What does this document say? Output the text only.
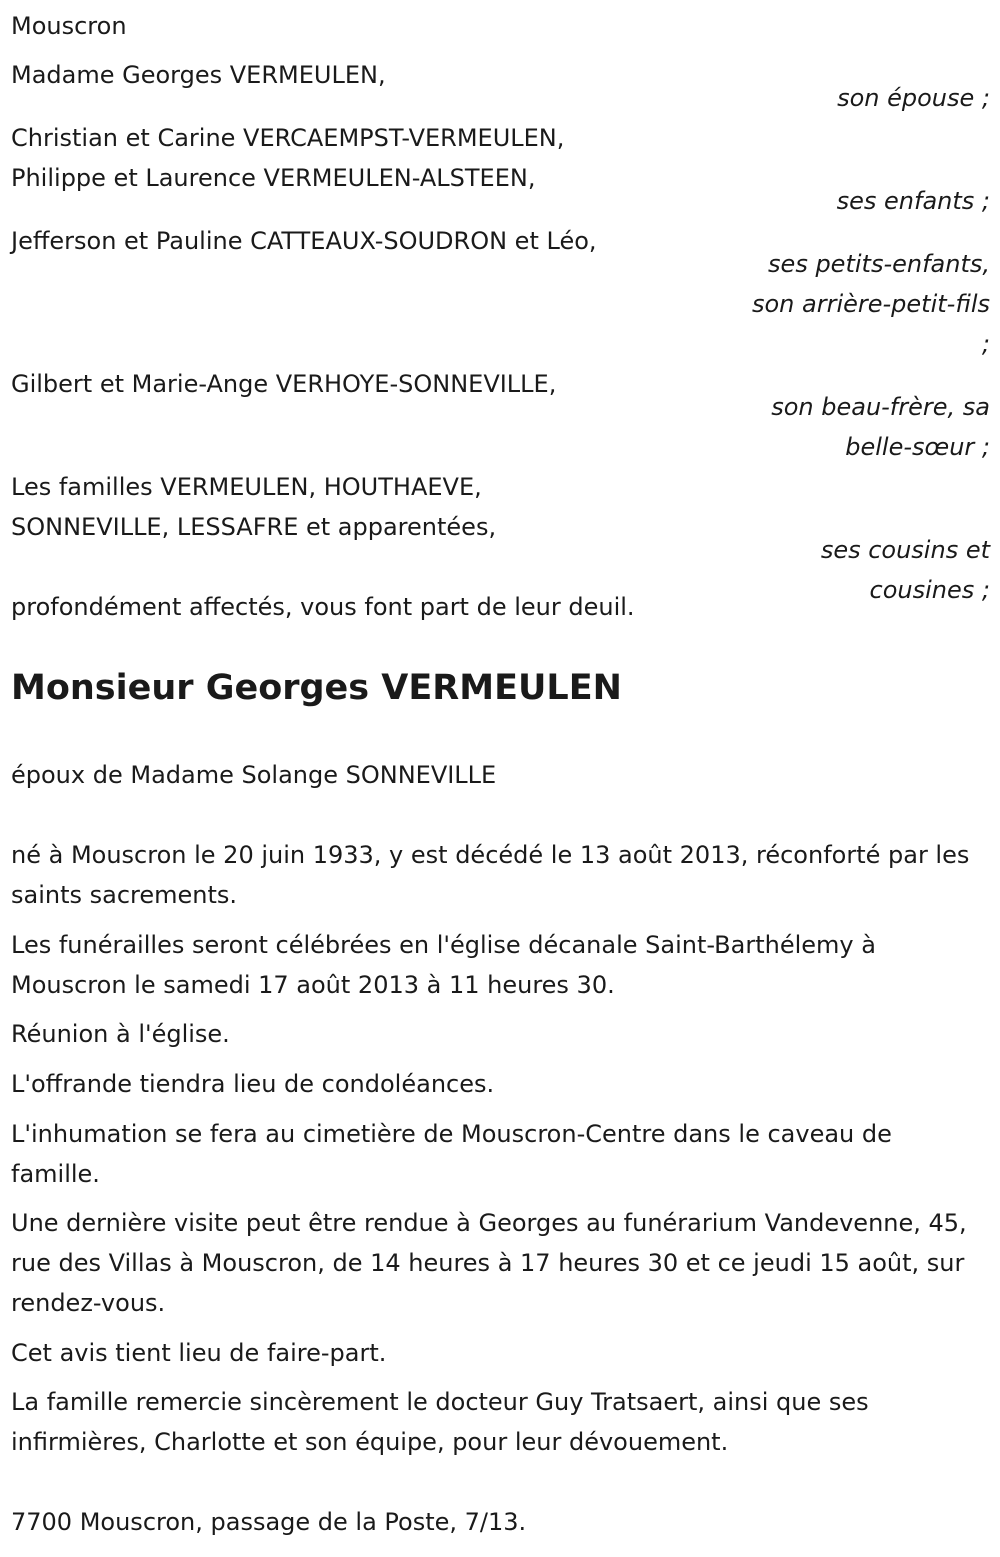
Mouscron
Madame Georges VERMEULEN,
son épouse ;
Christian et Carine VERCAEMPST-VERMEULEN,
Philippe et Laurence VERMEULEN-ALSTEEN,
ses enfants ;
Jefferson et Pauline CATTEAUX-SOUDRON et Léo,
ses petits-enfants,
son arrière-petit-fils
;
Gilbert et Marie-Ange VERHOYE-SONNEVILLE,
son beau-frère, sa
belle-sœur ;
Les familles VERMEULEN, HOUTHAEVE,
SONNEVILLE, LESSAFRE et apparentées,
ses cousins et
cousines ;
profondément affectés, vous font part de leur deuil.
Monsieur Georges VERMEULEN
époux de Madame Solange SONNEVILLE
né à Mouscron le 20 juin 1933, y est décédé le 13 août 2013, réconforté par les saints sacrements.
Les funérailles seront célébrées en l'église décanale Saint-Barthélemy à Mouscron le samedi 17 août 2013 à 11 heures 30.
Réunion à l'église.
L'offrande tiendra lieu de condoléances.
L'inhumation se fera au cimetière de Mouscron-Centre dans le caveau de famille.
Une dernière visite peut être rendue à Georges au funérarium Vandevenne, 45, rue des Villas à Mouscron, de 14 heures à 17 heures 30 et ce jeudi 15 août, sur rendez-vous.
Cet avis tient lieu de faire-part.
La famille remercie sincèrement le docteur Guy Tratsaert, ainsi que ses infirmières, Charlotte et son équipe, pour leur dévouement.
7700 Mouscron, passage de la Poste, 7/13.
